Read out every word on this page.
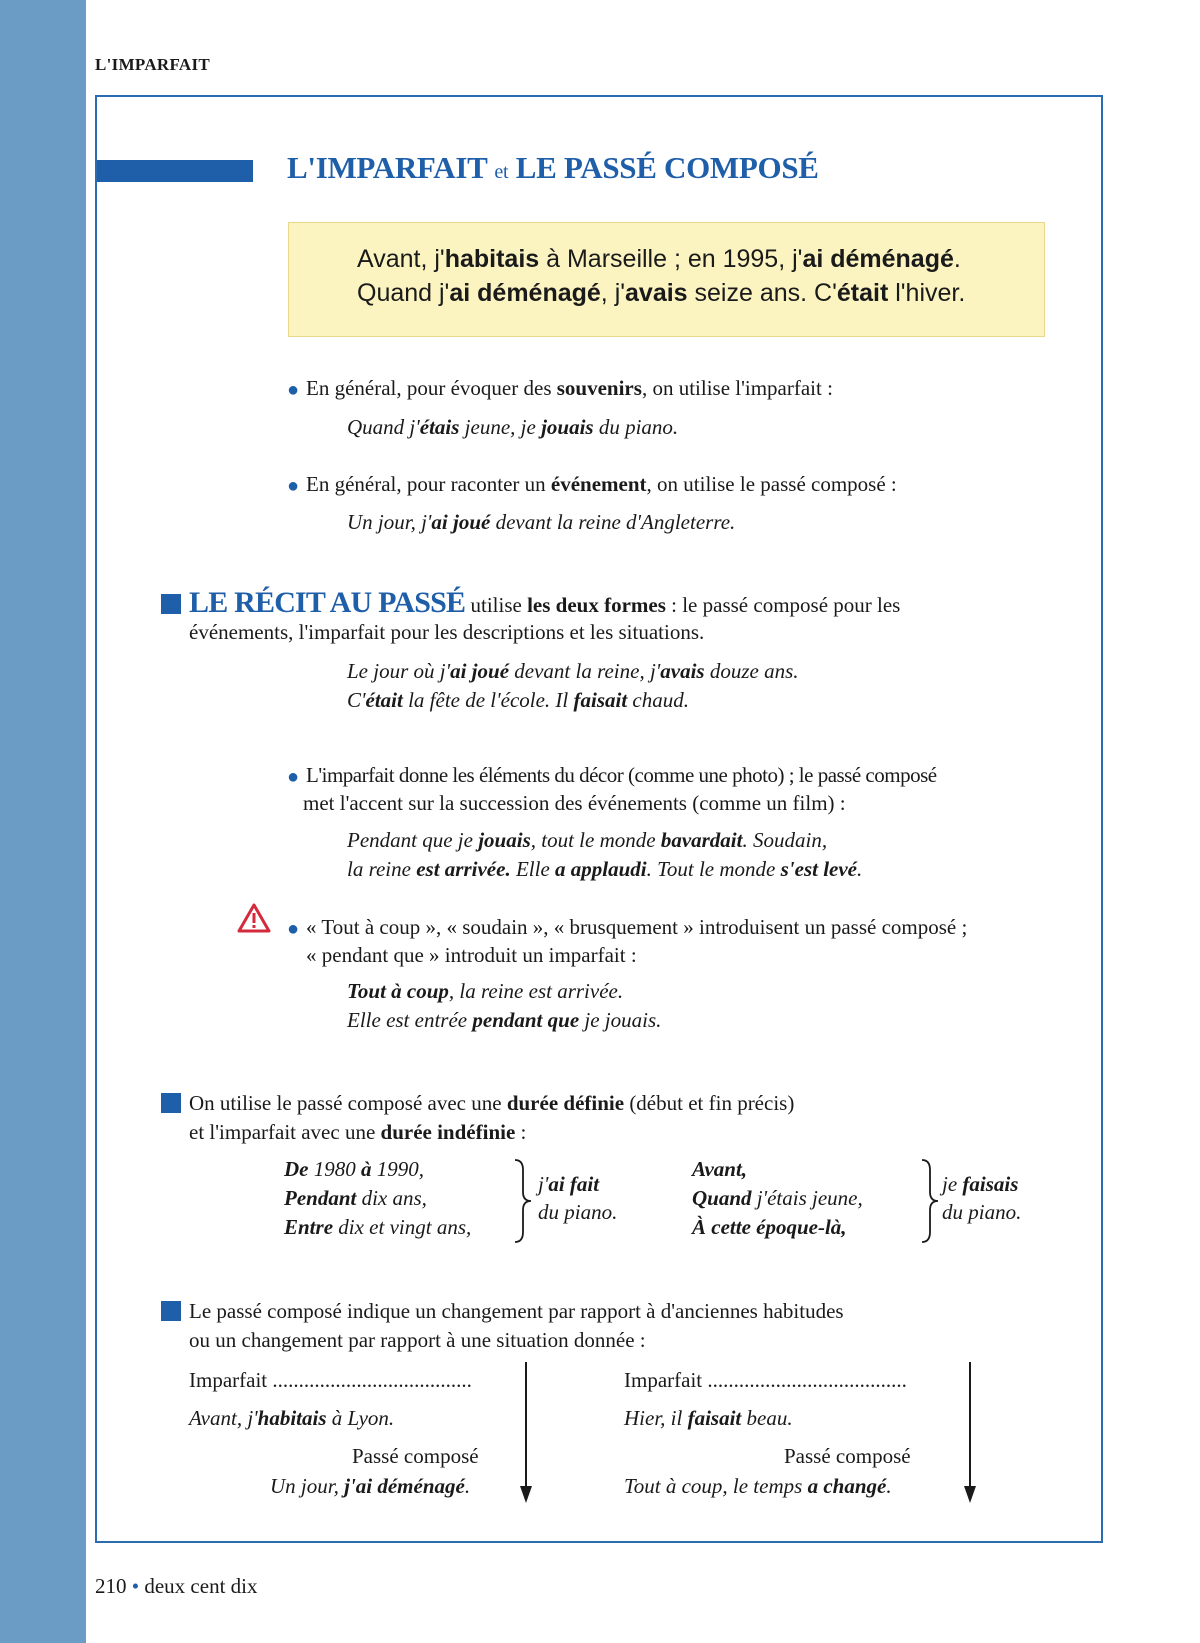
L'IMPARFAIT
L'IMPARFAIT et LE PASSÉ COMPOSÉ
Avant, j'habitais à Marseille ; en 1995, j'ai déménagé.
Quand j'ai déménagé, j'avais seize ans. C'était l'hiver.
● En général, pour évoquer des souvenirs, on utilise l'imparfait :
Quand j'étais jeune, je jouais du piano.
● En général, pour raconter un événement, on utilise le passé composé :
Un jour, j'ai joué devant la reine d'Angleterre.
LE RÉCIT AU PASSÉ utilise les deux formes : le passé composé pour les
événements, l'imparfait pour les descriptions et les situations.
Le jour où j'ai joué devant la reine, j'avais douze ans.
C'était la fête de l'école. Il faisait chaud.
● L'imparfait donne les éléments du décor (comme une photo) ; le passé composé
met l'accent sur la succession des événements (comme un film) :
Pendant que je jouais, tout le monde bavardait. Soudain,
la reine est arrivée. Elle a applaudi. Tout le monde s'est levé.
● « Tout à coup », « soudain », « brusquement » introduisent un passé composé ;
« pendant que » introduit un imparfait :
Tout à coup, la reine est arrivée.
Elle est entrée pendant que je jouais.
On utilise le passé composé avec une durée définie (début et fin précis)
et l'imparfait avec une durée indéfinie :
De 1980 à 1990,
Pendant dix ans,
Entre dix et vingt ans,
j'ai fait
du piano.
Avant,
Quand j'étais jeune,
À cette époque-là,
je faisais
du piano.
Le passé composé indique un changement par rapport à d'anciennes habitudes
ou un changement par rapport à une situation donnée :
Imparfait ......................................
Avant, j'habitais à Lyon.
Passé composé
Un jour, j'ai déménagé.
Imparfait ......................................
Hier, il faisait beau.
Passé composé
Tout à coup, le temps a changé.
210 • deux cent dix
